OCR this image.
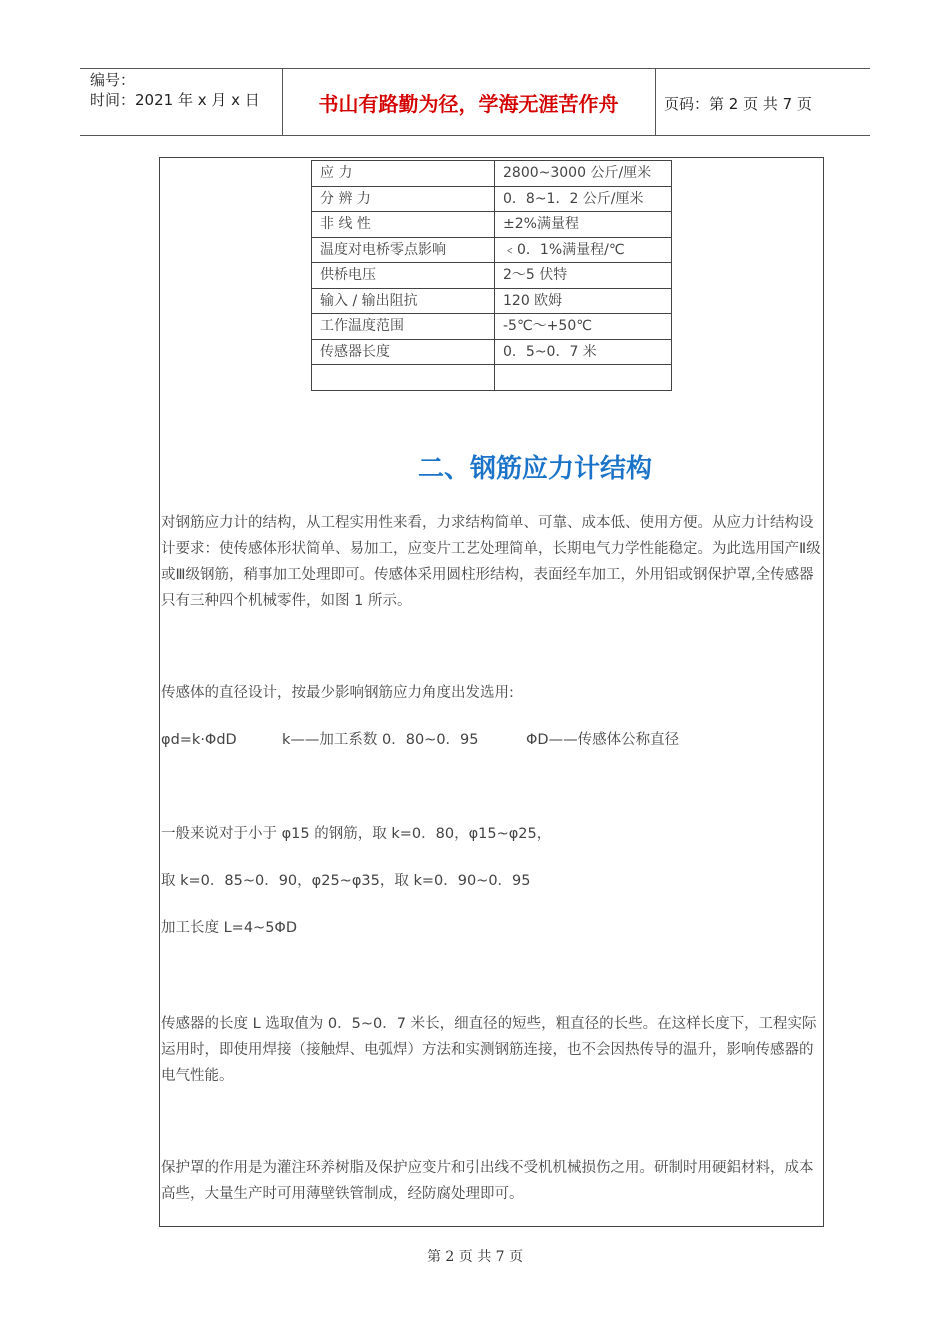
编号：
时间：2021 年 x 月 x 日	书山有路勤为径，学海无涯苦作舟	页码：第 2 页 共 7 页
应 力	2800~3000 公斤/厘米
分 辨 力	0．8~1．2 公斤/厘米
非 线 性	±2%满量程
温度对电桥零点影响	﹤0．1%满量程/℃
供桥电压	2～5 伏特
输入 / 输出阻抗	120 欧姆
工作温度范围	-5℃～+50℃
传感器长度	0．5~0．7 米

二、钢筋应力计结构
对钢筋应力计的结构，从工程实用性来看，力求结构简单、可靠、成本低、使用方便。从应力计结构设计要求：使传感体形状简单、易加工，应变片工艺处理简单，长期电气力学性能稳定。为此选用国产Ⅱ级或Ⅲ级钢筋，稍事加工处理即可。传感体采用圆柱形结构，表面经车加工，外用铝或钢保护罩,全传感器只有三种四个机械零件，如图 1 所示。
传感体的直径设计，按最少影响钢筋应力角度出发选用:
φd=k·ΦdD	k——加工系数 0．80~0．95	ΦD——传感体公称直径
一般来说对于小于 φ15 的钢筋，取 k=0．80，φ15~φ25，
取 k=0．85~0．90，φ25~φ35，取 k=0．90~0．95
加工长度 L=4~5ΦD
传感器的长度 L 选取值为 0．5~0．7 米长，细直径的短些，粗直径的长些。在这样长度下，工程实际运用时，即使用焊接（接触焊、电弧焊）方法和实测钢筋连接，也不会因热传导的温升，影响传感器的电气性能。
保护罩的作用是为灌注环养树脂及保护应变片和引出线不受机机械损伤之用。研制时用硬鋁材料，成本高些，大量生产时可用薄壁铁管制成，经防腐处理即可。
第 2 页 共 7 页
